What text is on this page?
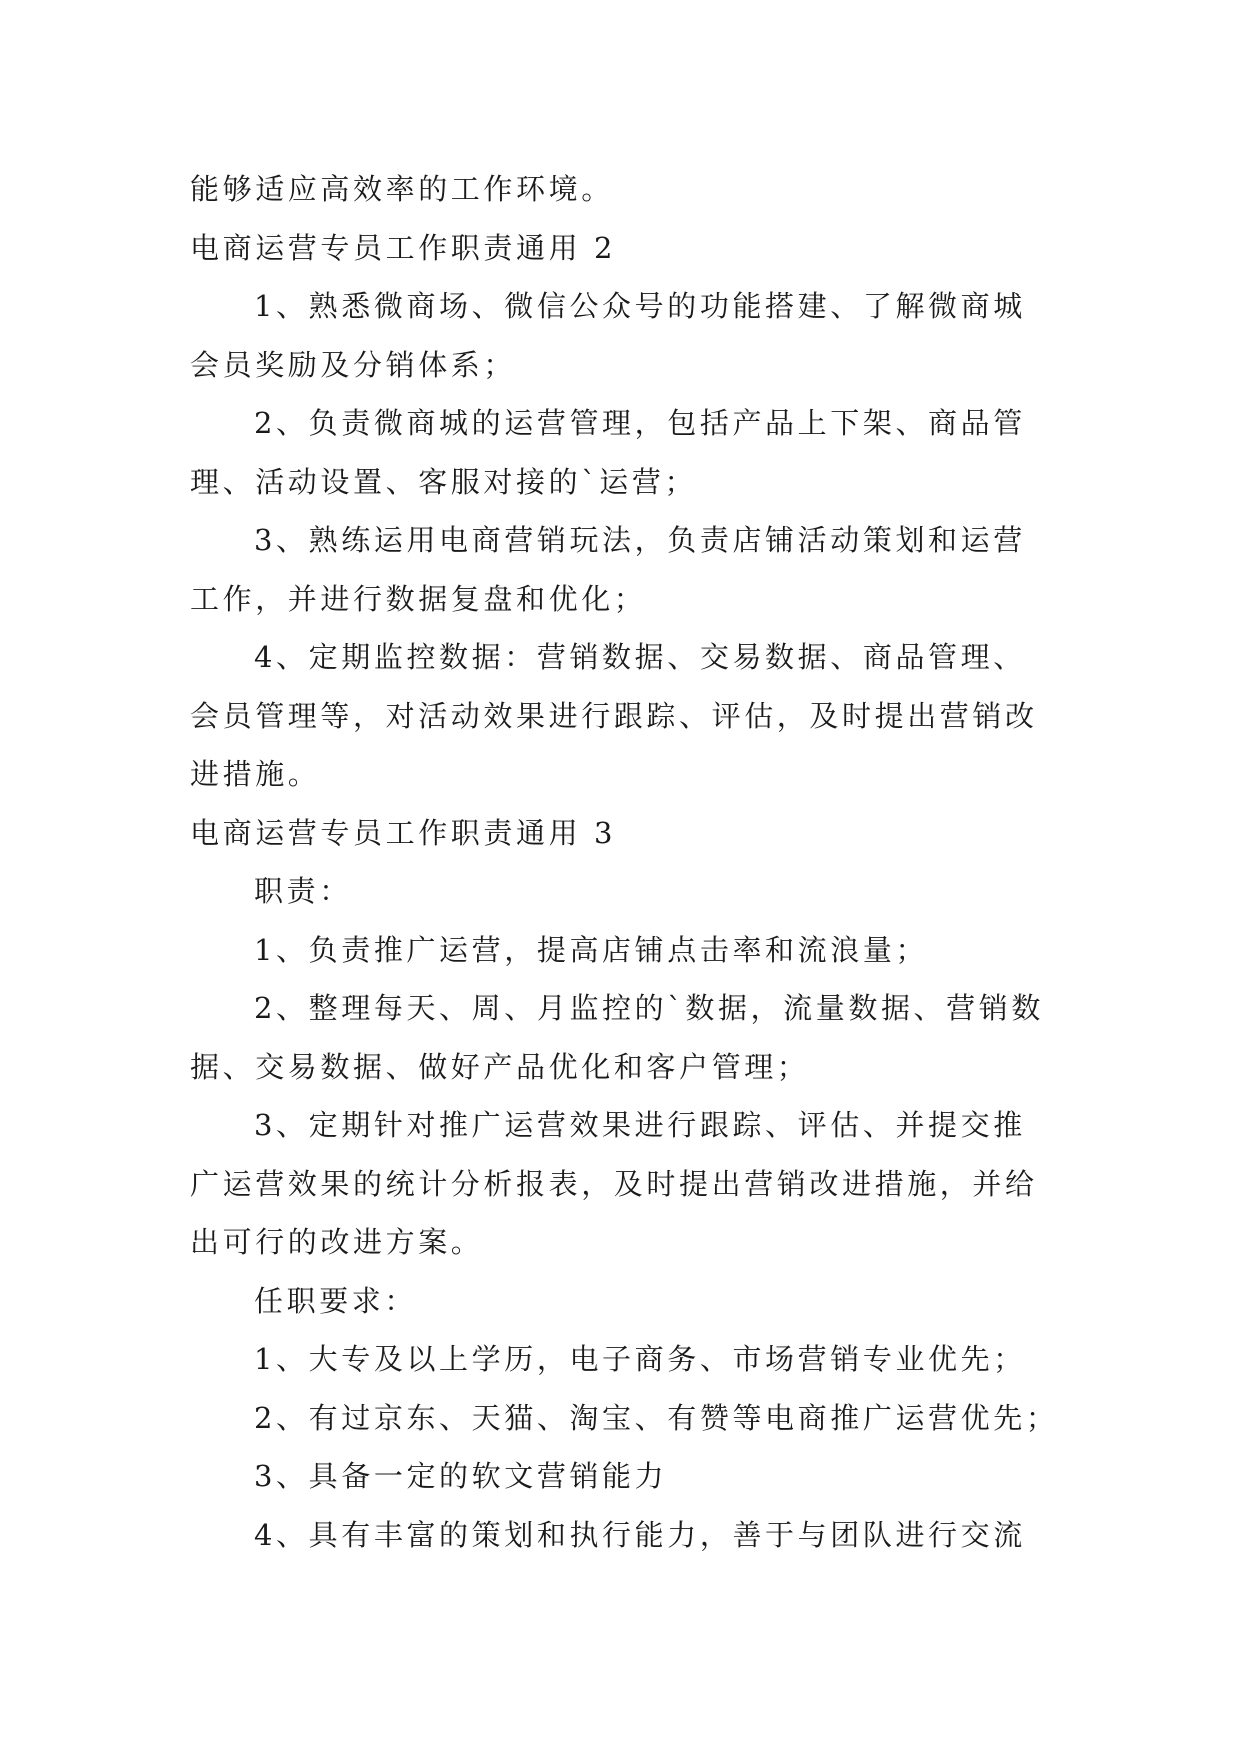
能够适应高效率的工作环境。
电商运营专员工作职责通用 2
1、熟悉微商场、微信公众号的功能搭建、了解微商城
会员奖励及分销体系；
2、负责微商城的运营管理，包括产品上下架、商品管
理、活动设置、客服对接的`运营；
3、熟练运用电商营销玩法，负责店铺活动策划和运营
工作，并进行数据复盘和优化；
4、定期监控数据：营销数据、交易数据、商品管理、
会员管理等，对活动效果进行跟踪、评估，及时提出营销改
进措施。
电商运营专员工作职责通用 3
职责：
1、负责推广运营，提高店铺点击率和流浪量；
2、整理每天、周、月监控的`数据，流量数据、营销数
据、交易数据、做好产品优化和客户管理；
3、定期针对推广运营效果进行跟踪、评估、并提交推
广运营效果的统计分析报表，及时提出营销改进措施，并给
出可行的改进方案。
任职要求：
1、大专及以上学历，电子商务、市场营销专业优先；
2、有过京东、天猫、淘宝、有赞等电商推广运营优先；
3、具备一定的软文营销能力
4、具有丰富的策划和执行能力，善于与团队进行交流
